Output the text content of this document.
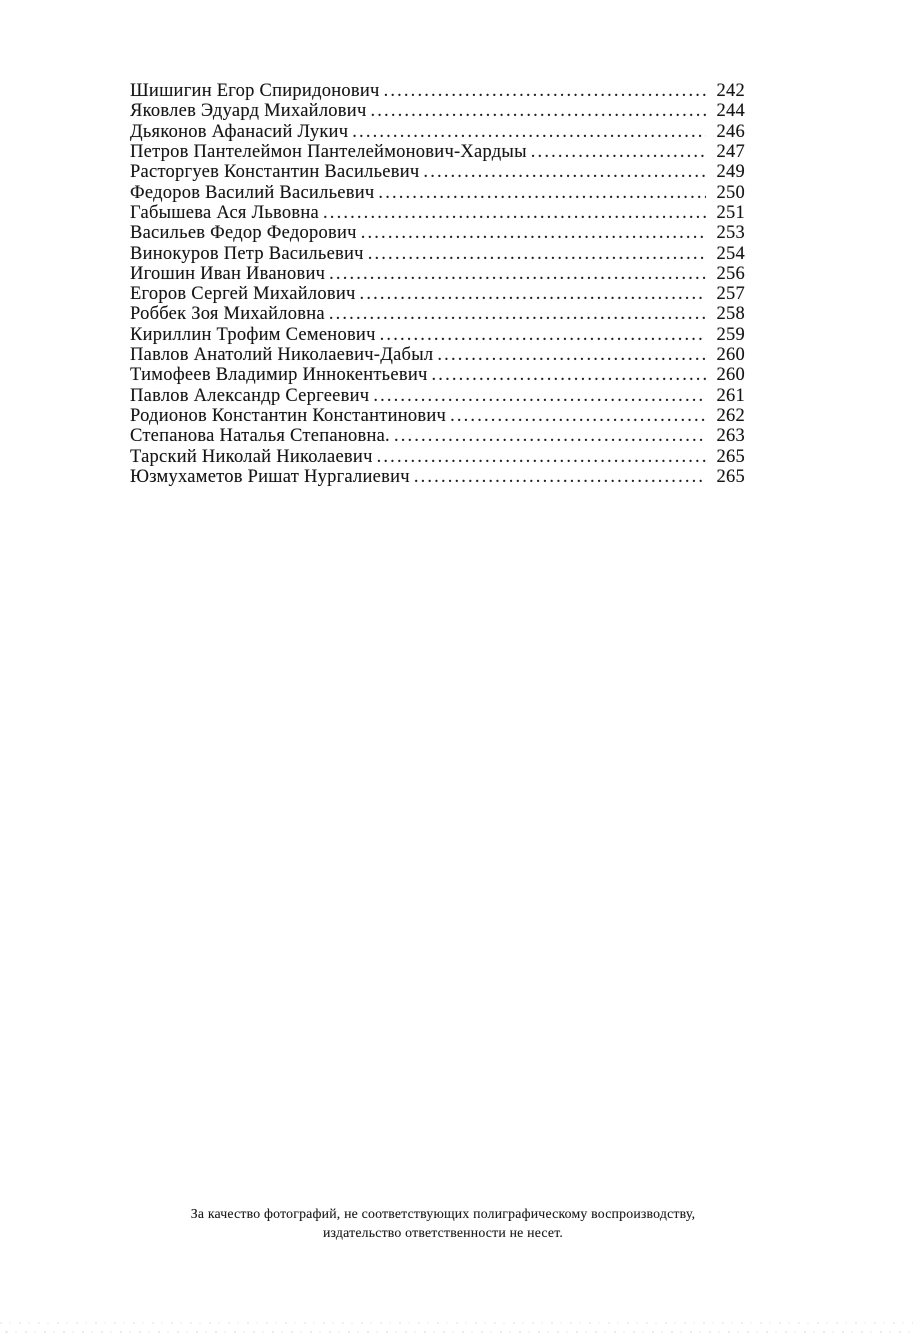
Шишигин Егор Спиридонович .....	242
Яковлев Эдуард Михайлович .....	244
Дьяконов Афанасий Лукич .....	246
Петров Пантелеймон Пантелеймонович-Хардыы .....	247
Расторгуев Константин Васильевич .....	249
Федоров Василий Васильевич .....	250
Габышева Ася Львовна .....	251
Васильев Федор Федорович .....	253
Винокуров Петр Васильевич .....	254
Игошин Иван Иванович .....	256
Егоров Сергей Михайлович .....	257
Роббек Зоя Михайловна .....	258
Кириллин Трофим Семенович .....	259
Павлов Анатолий Николаевич-Дабыл .....	260
Тимофеев Владимир Иннокентьевич .....	260
Павлов Александр Сергеевич .....	261
Родионов Константин Константинович .....	262
Степанова Наталья Степановна. .....	263
Тарский Николай Николаевич .....	265
Юзмухаметов Ришат Нургалиевич .....	265
За качество фотографий, не соответствующих полиграфическому воспроизводству,
издательство ответственности не несет.
